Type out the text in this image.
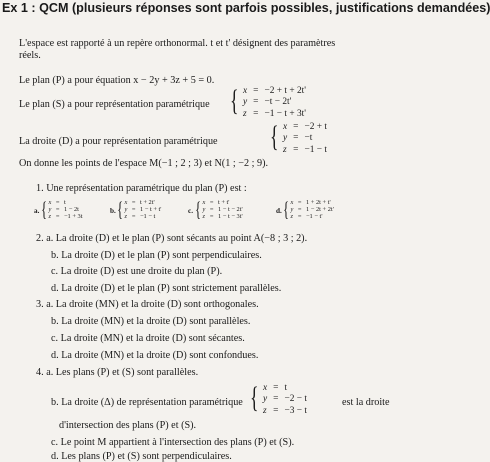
Ex 1 : QCM (plusieurs réponses sont parfois possibles, justifications demandées)
L'espace est rapporté à un repère orthonormal. t et t' désignent des paramètres
réels.
Le plan (P) a pour équation x − 2y + 3z + 5 = 0.
Le plan (S) a pour représentation paramétrique { x	=	−2 + t + 2t'
y	=	−t − 2t'
z	=	−1 − t + 3t'
La droite (D) a pour représentation paramétrique { x	=	−2 + t
y	=	−t
z	=	−1 − t
On donne les points de l'espace M(−1 ; 2 ; 3) et N(1 ; −2 ; 9).
1. Une représentation paramétrique du plan (P) est :
a. { x	=	t
y	=	1 − 2t
z	=	−1 + 3t
b. { x	=	t + 2t'
y	=	1 − t + t'
z	=	−1 − t
c. { x	=	t + t'
y	=	1 − t − 2t'
z	=	1 − t − 3t'
d. { x	=	1 + 2t + t'
y	=	1 − 2t + 2t'
z	=	−1 − t'
2. a. La droite (D) et le plan (P) sont sécants au point A(−8 ; 3 ; 2).
b. La droite (D) et le plan (P) sont perpendiculaires.
c. La droite (D) est une droite du plan (P).
d. La droite (D) et le plan (P) sont strictement parallèles.
3. a. La droite (MN) et la droite (D) sont orthogonales.
b. La droite (MN) et la droite (D) sont parallèles.
c. La droite (MN) et la droite (D) sont sécantes.
d. La droite (MN) et la droite (D) sont confondues.
4. a. Les plans (P) et (S) sont parallèles.
b. La droite (Δ) de représentation paramétrique { x	=	t
y	=	−2 − t
z	=	−3 − t
est la droite
d'intersection des plans (P) et (S).
c. Le point M appartient à l'intersection des plans (P) et (S).
d. Les plans (P) et (S) sont perpendiculaires.
